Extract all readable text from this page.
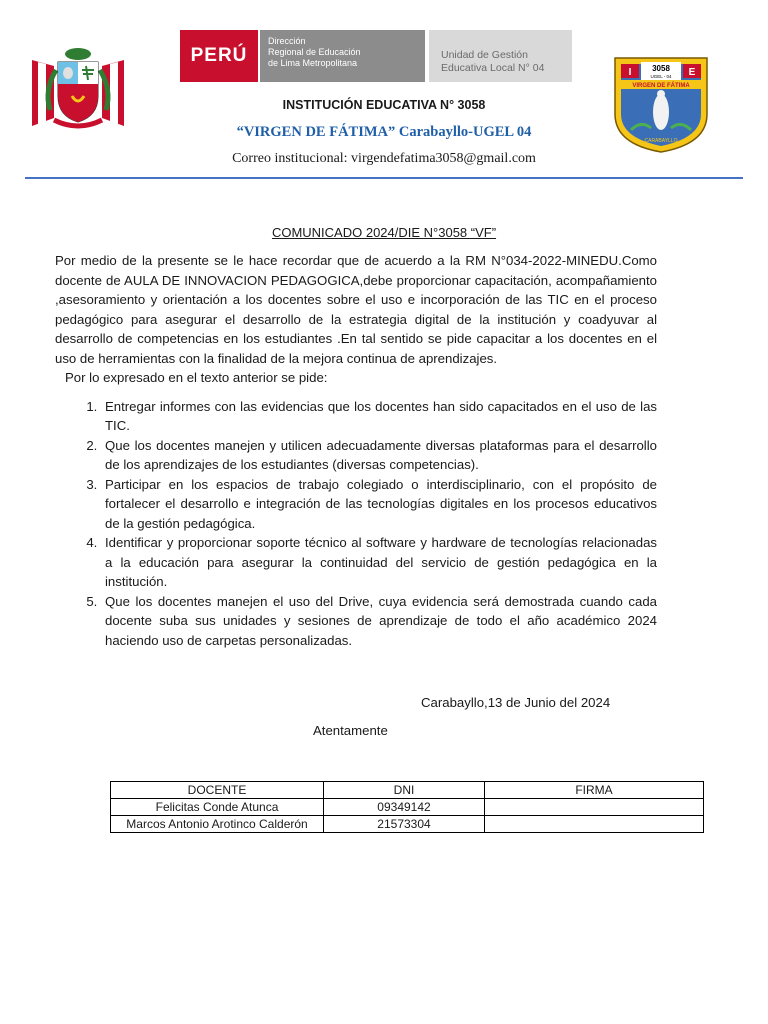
PERÚ
Dirección
Regional de Educación
de Lima Metropolitana
Unidad de Gestión
Educativa Local N° 04	I	E
3058
UGEL - 04
VIRGEN DE FÁTIMA
CARABAYLLO
INSTITUCIÓN EDUCATIVA N° 3058
“VIRGEN DE FÁTIMA” Carabayllo-UGEL 04
Correo institucional: virgendefatima3058@gmail.com
COMUNICADO 2024/DIE N°3058 “VF”

Por medio de la presente se le hace recordar que de acuerdo a la RM N°034-2022-MINEDU.Como docente de AULA DE INNOVACION PEDAGOGICA,debe proporcionar capacitación, acompañamiento ,asesoramiento y orientación a los docentes sobre el uso e incorporación de las TIC en el proceso pedagógico para asegurar el desarrollo de la estrategia digital de la institución y coadyuvar al desarrollo de competencias en los estudiantes .En tal sentido se pide capacitar a los docentes en el uso de herramientas con la finalidad de la mejora continua de aprendizajes.

Por lo expresado en el texto anterior se pide:

1. Entregar informes con las evidencias que los docentes han sido capacitados en el uso de las TIC.
2. Que los docentes manejen y utilicen adecuadamente diversas plataformas para el desarrollo de los aprendizajes de los estudiantes (diversas competencias).
3. Participar en los espacios de trabajo colegiado o interdisciplinario, con el propósito de fortalecer el desarrollo e integración de las tecnologías digitales en los procesos educativos de la gestión pedagógica.
4. Identificar y proporcionar soporte técnico al software y hardware de tecnologías relacionadas a la educación para asegurar la continuidad del servicio de gestión pedagógica en la institución.
5. Que los docentes manejen el uso del Drive, cuya evidencia será demostrada cuando cada docente suba sus unidades y sesiones de aprendizaje de todo el año académico 2024 haciendo uso de carpetas personalizadas.
Carabayllo,13 de Junio del 2024
Atentamente
DOCENTE	DNI	FIRMA
Felicitas Conde Atunca	09349142	
Marcos Antonio Arotinco Calderón	21573304	
